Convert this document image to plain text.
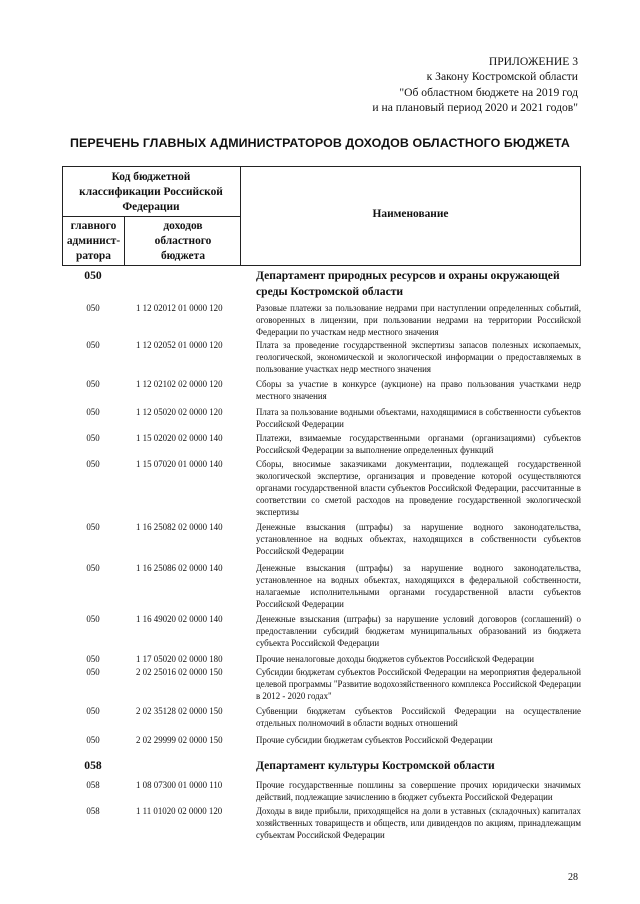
ПРИЛОЖЕНИЕ 3
к Закону Костромской области
"Об областном бюджете на 2019 год
и на плановый период 2020 и 2021 годов"
ПЕРЕЧЕНЬ ГЛАВНЫХ АДМИНИСТРАТОРОВ ДОХОДОВ ОБЛАСТНОГО БЮДЖЕТА
Код бюджетной классификации Российской Федерации
главного админист-ратора
доходов областного бюджета
Наименование
050	Департамент природных ресурсов и охраны окружающей среды Костромской области
050	1 12 02012 01 0000 120	Разовые платежи за пользование недрами при наступлении определенных событий, оговоренных в лицензии, при пользовании недрами на территории Российской Федерации по участкам недр местного значения
050	1 12 02052 01 0000 120	Плата за проведение государственной экспертизы запасов полезных ископаемых, геологической, экономической и экологической информации о предоставляемых в пользование участках недр местного значения
050	1 12 02102 02 0000 120	Сборы за участие в конкурсе (аукционе) на право пользования участками недр местного значения
050	1 12 05020 02 0000 120	Плата за пользование водными объектами, находящимися в собственности субъектов Российской Федерации
050	1 15 02020 02 0000 140	Платежи, взимаемые государственными органами (организациями) субъектов Российской Федерации за выполнение определенных функций
050	1 15 07020 01 0000 140	Сборы, вносимые заказчиками документации, подлежащей государственной экологической экспертизе, организация и проведение которой осуществляются органами государственной власти субъектов Российской Федерации, рассчитанные в соответствии со сметой расходов на проведение государственной экологической экспертизы
050	1 16 25082 02 0000 140	Денежные взыскания (штрафы) за нарушение водного законодательства, установленное на водных объектах, находящихся в собственности субъектов Российской Федерации
050	1 16 25086 02 0000 140	Денежные взыскания (штрафы) за нарушение водного законодательства, установленное на водных объектах, находящихся в федеральной собственности, налагаемые исполнительными органами государственной власти субъектов Российской Федерации
050	1 16 49020 02 0000 140	Денежные взыскания (штрафы) за нарушение условий договоров (соглашений) о предоставлении субсидий бюджетам муниципальных образований из бюджета субъекта Российской Федерации
050	1 17 05020 02 0000 180	Прочие неналоговые доходы бюджетов субъектов Российской Федерации
050	2 02 25016 02 0000 150	Субсидии бюджетам субъектов Российской Федерации на мероприятия федеральной целевой программы "Развитие водохозяйственного комплекса Российской Федерации в 2012 - 2020 годах"
050	2 02 35128 02 0000 150	Субвенции бюджетам субъектов Российской Федерации на осуществление отдельных полномочий в области водных отношений
050	2 02 29999 02 0000 150	Прочие субсидии бюджетам субъектов Российской Федерации
058	Департамент культуры Костромской области
058	1 08 07300 01 0000 110	Прочие государственные пошлины за совершение прочих юридически значимых действий, подлежащие зачислению в бюджет субъекта Российской Федерации
058	1 11 01020 02 0000 120	Доходы в виде прибыли, приходящейся на доли в уставных (складочных) капиталах хозяйственных товариществ и обществ, или дивидендов по акциям, принадлежащим субъектам Российской Федерации
28
